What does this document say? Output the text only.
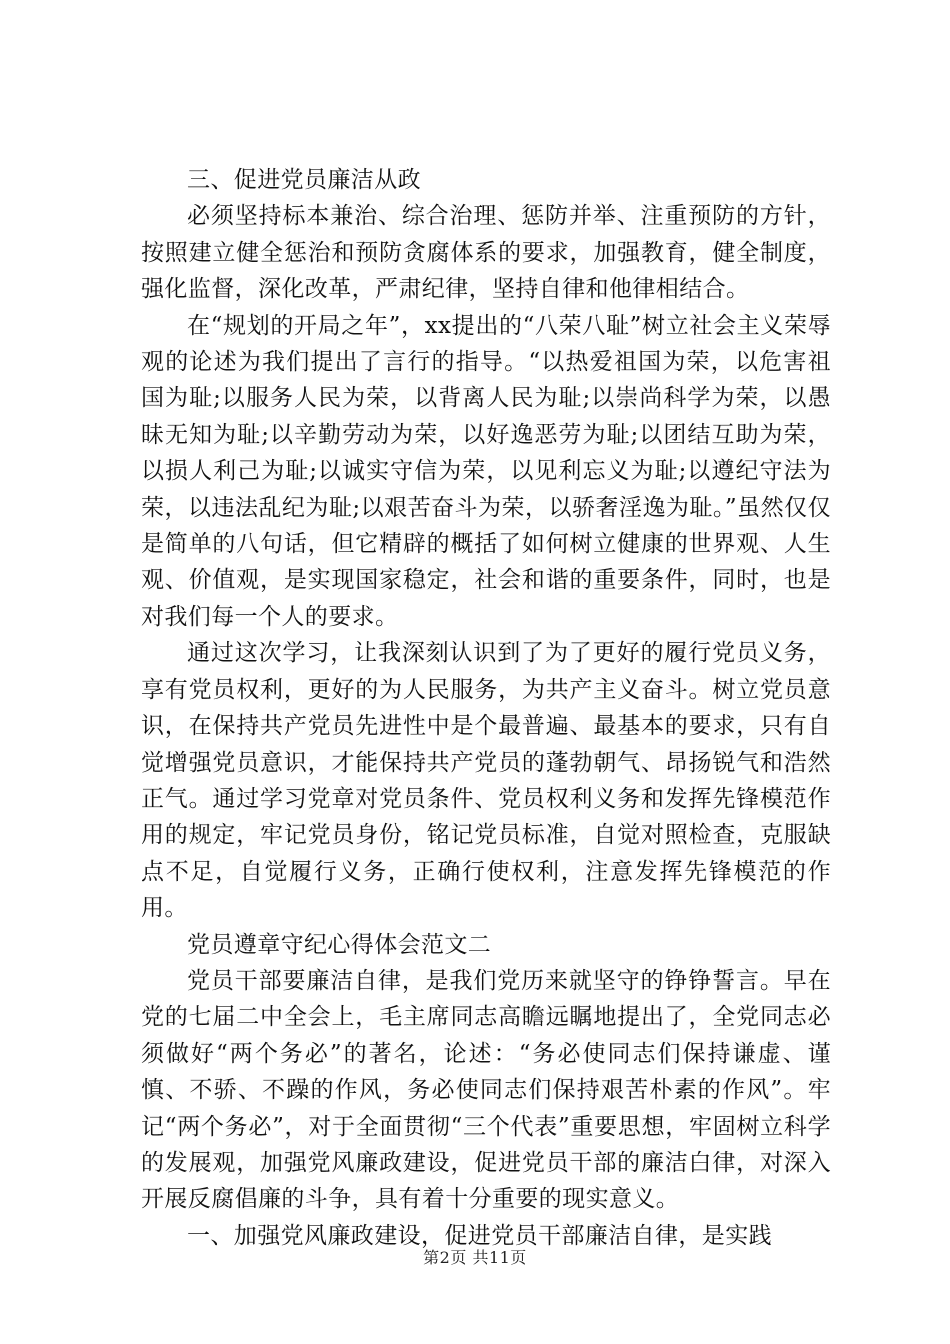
三、促进党员廉洁从政

必须坚持标本兼治、综合治理、惩防并举、注重预防的方针，按照建立健全惩治和预防贪腐体系的要求，加强教育，健全制度，强化监督，深化改革，严肃纪律，坚持自律和他律相结合。

在“规划的开局之年”，xx提出的“八荣八耻”树立社会主义荣辱观的论述为我们提出了言行的指导。“以热爱祖国为荣，以危害祖国为耻;以服务人民为荣，以背离人民为耻;以崇尚科学为荣，以愚昧无知为耻;以辛勤劳动为荣，以好逸恶劳为耻;以团结互助为荣，以损人利己为耻;以诚实守信为荣，以见利忘义为耻;以遵纪守法为荣，以违法乱纪为耻;以艰苦奋斗为荣，以骄奢淫逸为耻。”虽然仅仅是简单的八句话，但它精辟的概括了如何树立健康的世界观、人生观、价值观，是实现国家稳定，社会和谐的重要条件，同时，也是对我们每一个人的要求。

通过这次学习，让我深刻认识到了为了更好的履行党员义务，享有党员权利，更好的为人民服务，为共产主义奋斗。树立党员意识，在保持共产党员先进性中是个最普遍、最基本的要求，只有自觉增强党员意识，才能保持共产党员的蓬勃朝气、昂扬锐气和浩然正气。通过学习党章对党员条件、党员权利义务和发挥先锋模范作用的规定，牢记党员身份，铭记党员标准，自觉对照检查，克服缺点不足，自觉履行义务，正确行使权利，注意发挥先锋模范的作用。

党员遵章守纪心得体会范文二

党员干部要廉洁自律，是我们党历来就坚守的铮铮誓言。早在党的七届二中全会上，毛主席同志高瞻远瞩地提出了，全党同志必须做好“两个务必”的著名，论述：“务必使同志们保持谦虚、谨慎、不骄、不躁的作风，务必使同志们保持艰苦朴素的作风”。牢记“两个务必”，对于全面贯彻“三个代表”重要思想，牢固树立科学的发展观，加强党风廉政建设，促进党员干部的廉洁白律，对深入开展反腐倡廉的斗争，具有着十分重要的现实意义。

一、加强党风廉政建设，促进党员干部廉洁自律，是实践

第2页 共11页
